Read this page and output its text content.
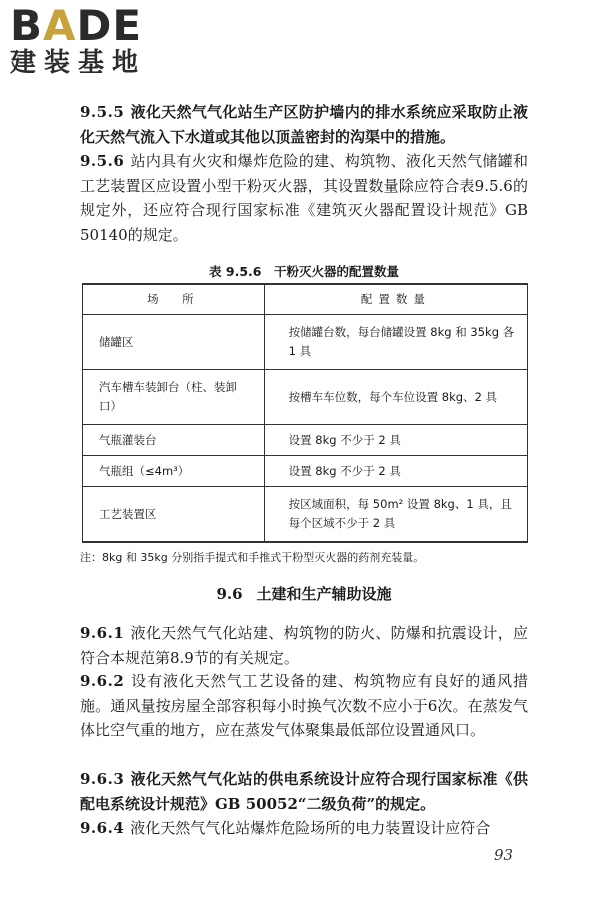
BADE
建装基地
9.5.5 液化天然气气化站生产区防护墙内的排水系统应采取防止液化天然气流入下水道或其他以顶盖密封的沟渠中的措施。
9.5.6 站内具有火灾和爆炸危险的建、构筑物、液化天然气储罐和工艺装置区应设置小型干粉灭火器，其设置数量除应符合表9.5.6的规定外，还应符合现行国家标准《建筑灭火器配置设计规范》GB 50140的规定。
表 9.5.6　干粉灭火器的配置数量
场　所	配置数量
储罐区	按储罐台数，每台储罐设置 8kg 和 35kg 各 1 具
汽车槽车装卸台（柱、装卸口）	按槽车车位数，每个车位设置 8kg、2 具
气瓶灌装台	设置 8kg 不少于 2 具
气瓶组（≤4m³）	设置 8kg 不少于 2 具
工艺装置区	按区域面积，每 50m² 设置 8kg、1 具，且每个区域不少于 2 具
注：8kg 和 35kg 分别指手提式和手推式干粉型灭火器的药剂充装量。
9.6 土建和生产辅助设施
9.6.1 液化天然气气化站建、构筑物的防火、防爆和抗震设计，应符合本规范第8.9节的有关规定。
9.6.2 设有液化天然气工艺设备的建、构筑物应有良好的通风措施。通风量按房屋全部容积每小时换气次数不应小于6次。在蒸发气体比空气重的地方，应在蒸发气体聚集最低部位设置通风口。
9.6.3 液化天然气气化站的供电系统设计应符合现行国家标准《供配电系统设计规范》GB 50052“二级负荷”的规定。
9.6.4 液化天然气气化站爆炸危险场所的电力装置设计应符合
93
